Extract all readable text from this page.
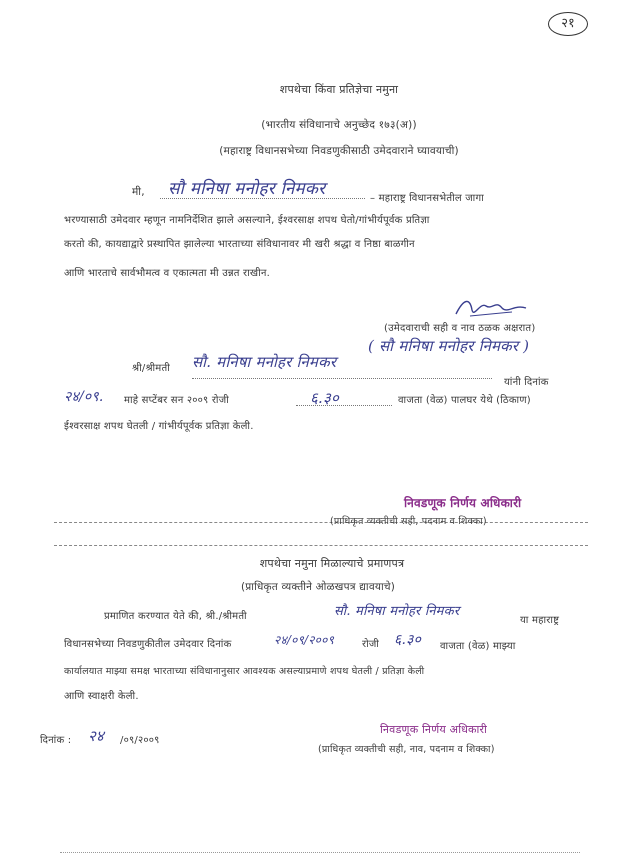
२१
शपथेचा किंवा प्रतिज्ञेचा नमुना
(भारतीय संविधानाचे अनुच्छेद १७३(अ))
(महाराष्ट्र विधानसभेच्या निवडणुकीसाठी उमेदवाराने घ्यावयाची)
मी, सौ मनिषा मनोहर निमकर	– महाराष्ट्र विधानसभेतील जागा
भरण्यासाठी उमेदवार म्हणून नामनिर्देशित झाले असल्याने, ईश्वरसाक्ष शपथ घेतो/गांभीर्यपूर्वक प्रतिज्ञा
करतो की, कायद्याद्वारे प्रस्थापित झालेल्या भारताच्या संविधानावर मी खरी श्रद्धा व निष्ठा बाळगीन
आणि भारताचे सार्वभौमत्व व एकात्मता मी उन्नत राखीन.
(उमेदवाराची सही व नाव ठळक अक्षरात)
( सौ मनिषा मनोहर निमकर )
श्री/श्रीमती सौ. मनिषा मनोहर निमकर
यांनी दिनांक
२४/०९. माहे सप्टेंबर सन २००९ रोजी	६.३०	वाजता (वेळ) पालघर येथे (ठिकाण)
ईश्वरसाक्ष शपथ घेतली / गांभीर्यपूर्वक प्रतिज्ञा केली.
निवडणूक निर्णय अधिकारी
(प्राधिकृत व्यक्तीची सही, पदनाम व शिक्का)
शपथेचा नमुना मिळाल्याचे प्रमाणपत्र
(प्राधिकृत व्यक्तीने ओळखपत्र द्यावयाचे)
प्रमाणित करण्यात येते की, श्री./श्रीमती	सौ. मनिषा मनोहर निमकर
या महाराष्ट्र
विधानसभेच्या निवडणुकीतील उमेदवार दिनांक	२४/०९/२००९	रोजी ६.३० वाजता (वेळ) माझ्या
कार्यालयात माझ्या समक्ष भारताच्या संविधानानुसार आवश्यक असल्याप्रमाणे शपथ घेतली / प्रतिज्ञा केली
आणि स्वाक्षरी केली.
दिनांक : २४ /०९/२००९
निवडणूक निर्णय अधिकारी
(प्राधिकृत व्यक्तीची सही, नाव, पदनाम व शिक्का)
